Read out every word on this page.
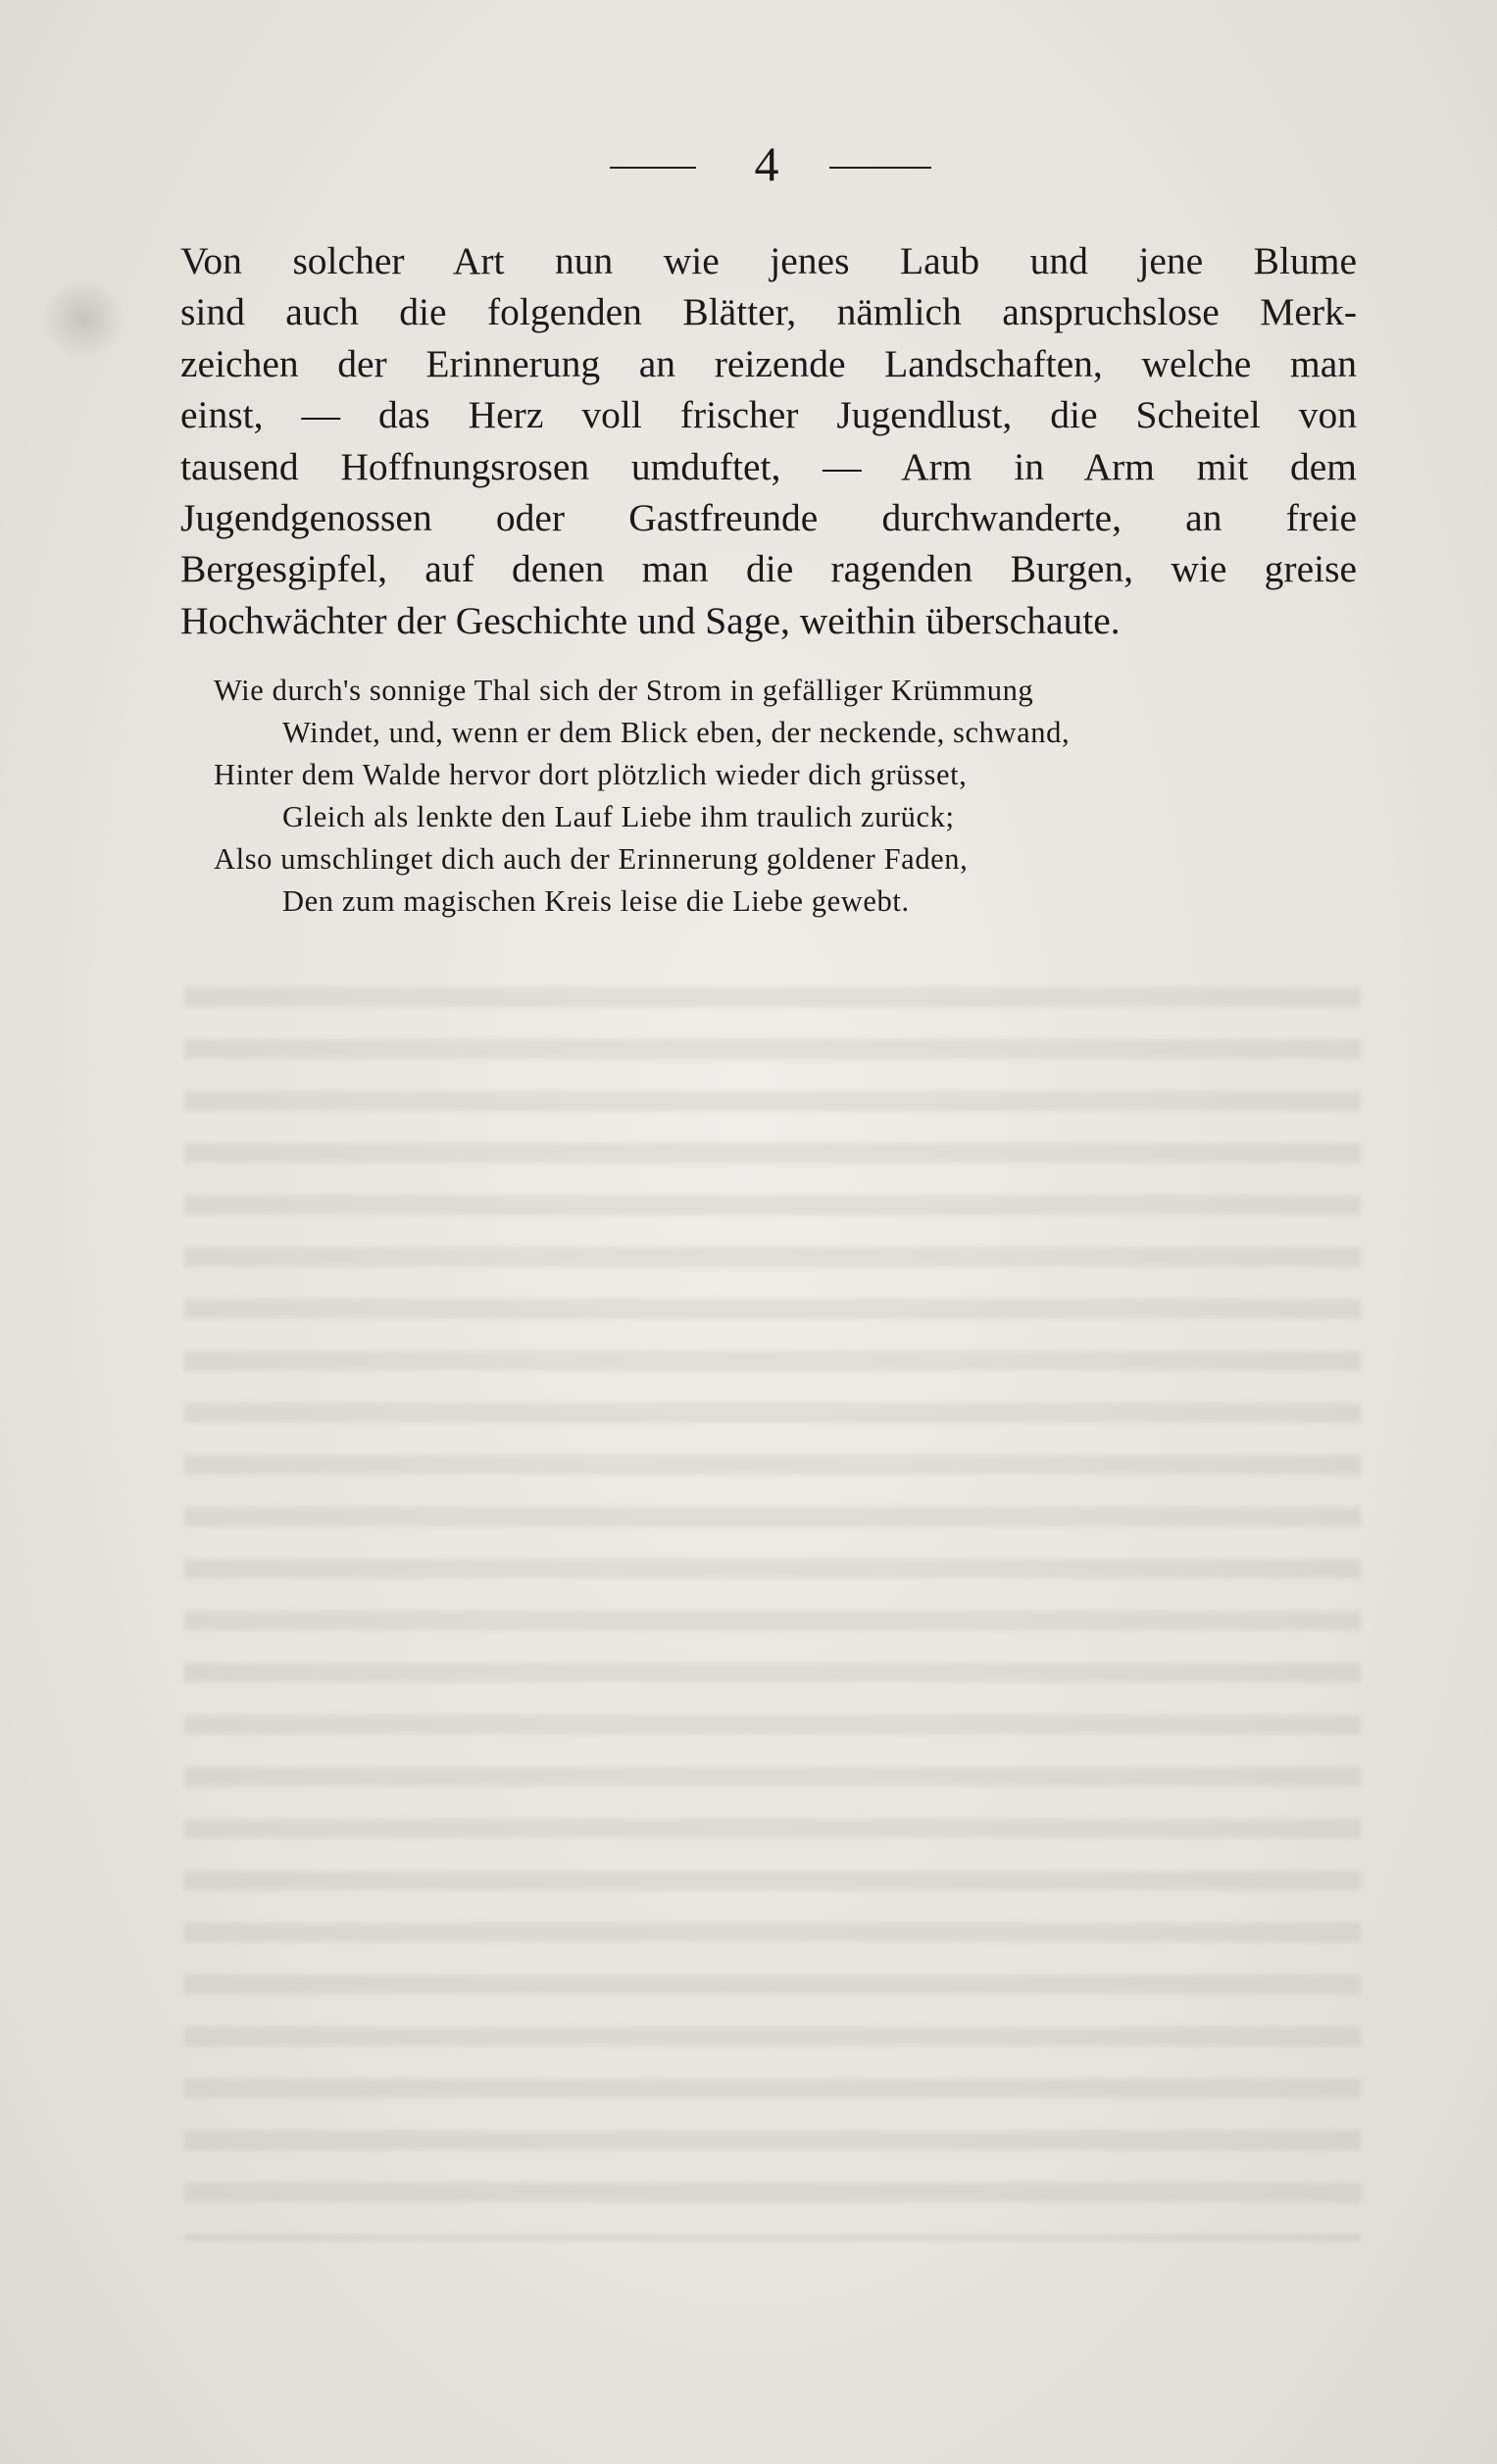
4
Von solcher Art nun wie jenes Laub und jene Blume
sind auch die folgenden Blätter, nämlich anspruchslose Merk-
zeichen der Erinnerung an reizende Landschaften, welche man
einst, — das Herz voll frischer Jugendlust, die Scheitel von
tausend Hoffnungsrosen umduftet, — Arm in Arm mit dem
Jugendgenossen oder Gastfreunde durchwanderte, an freie
Bergesgipfel, auf denen man die ragenden Burgen, wie greise
Hochwächter der Geschichte und Sage, weithin überschaute.
Wie durch's sonnige Thal sich der Strom in gefälliger Krümmung
Windet, und, wenn er dem Blick eben, der neckende, schwand,
Hinter dem Walde hervor dort plötzlich wieder dich grüsset,
Gleich als lenkte den Lauf Liebe ihm traulich zurück;
Also umschlinget dich auch der Erinnerung goldener Faden,
Den zum magischen Kreis leise die Liebe gewebt.
